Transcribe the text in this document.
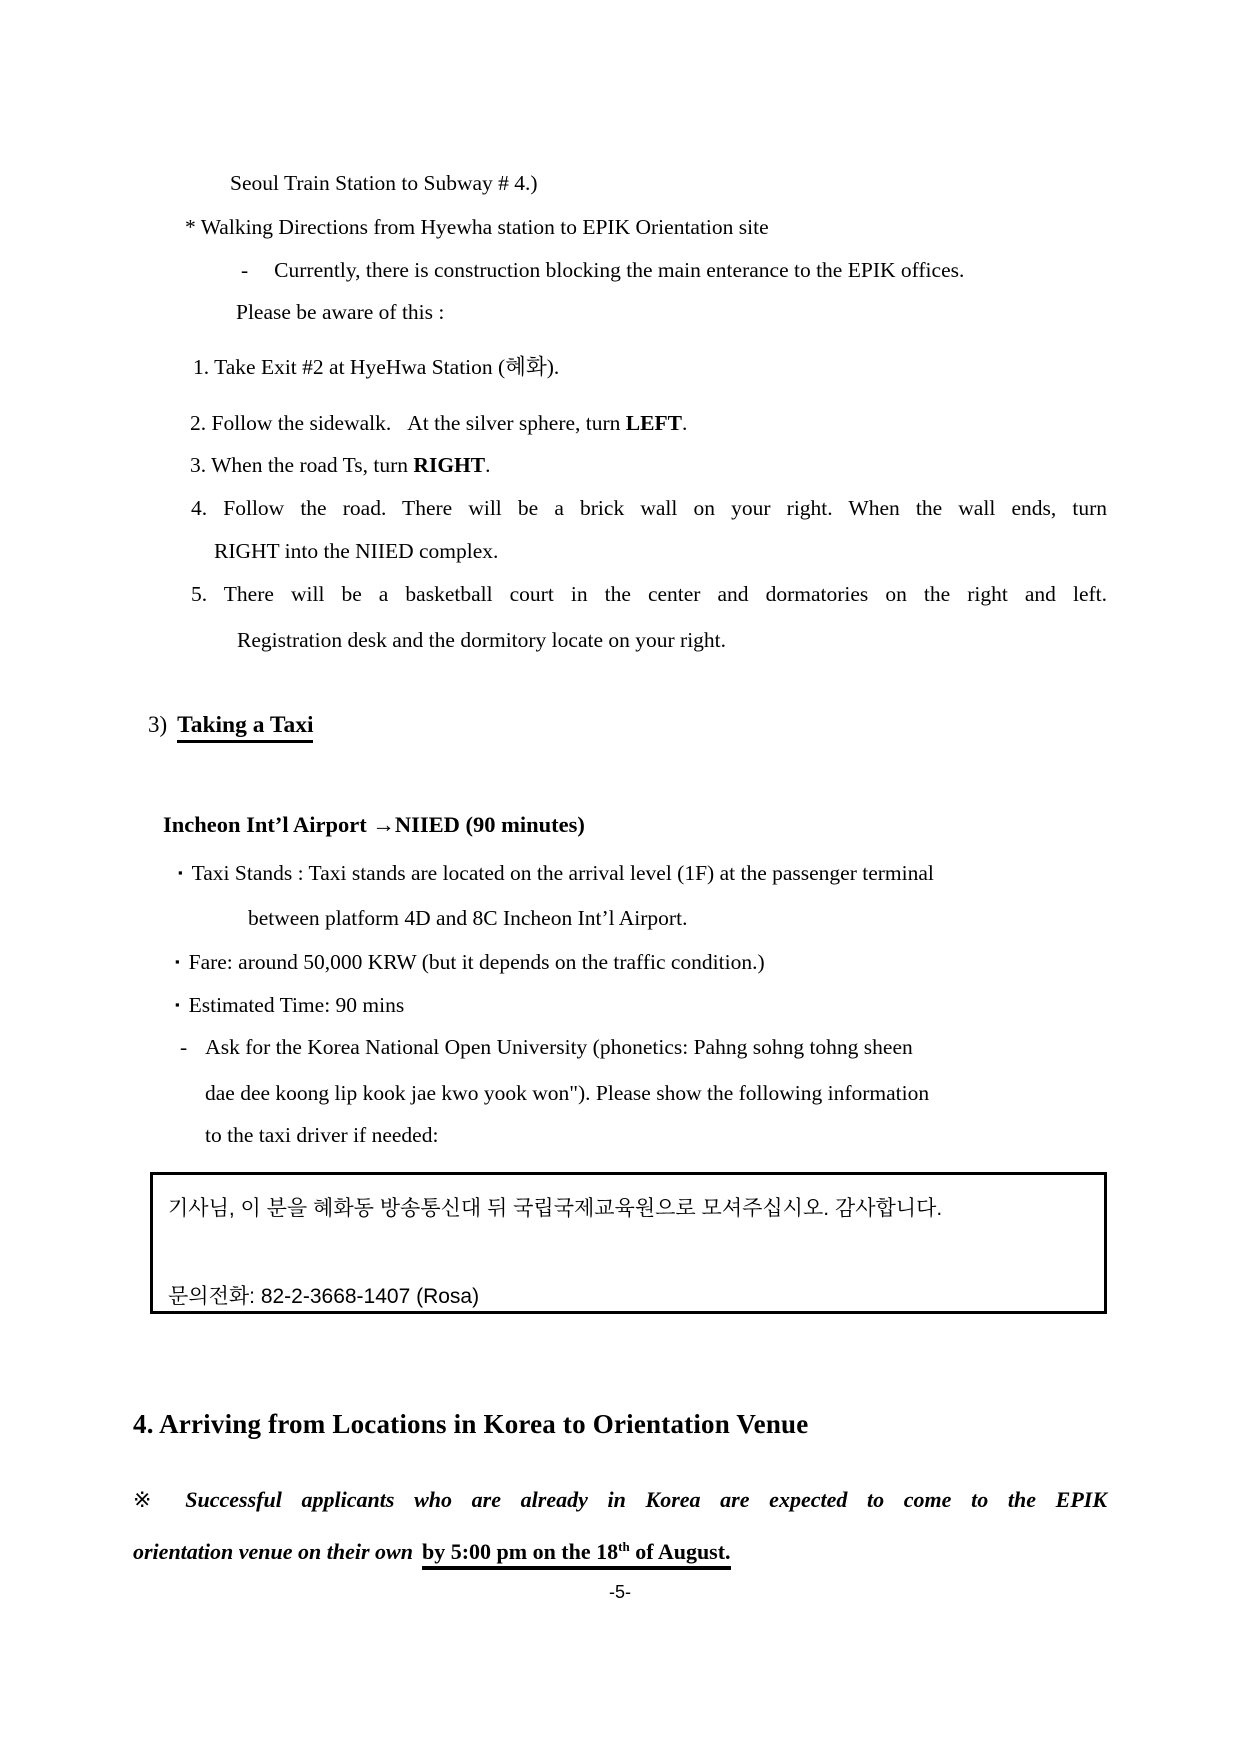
Seoul Train Station to Subway # 4.)
* Walking Directions from Hyewha station to EPIK Orientation site
- Currently, there is construction blocking the main enterance to the EPIK offices.
Please be aware of this :
1. Take Exit #2 at HyeHwa Station (혜화).
2. Follow the sidewalk. At the silver sphere, turn LEFT.
3. When the road Ts, turn RIGHT.
4. Follow the road. There will be a brick wall on your right. When the wall ends, turn
RIGHT into the NIIED complex.
5. There will be a basketball court in the center and dormatories on the right and left.
Registration desk and the dormitory locate on your right.
3) Taking a Taxi
Incheon Int’l Airport →NIIED (90 minutes)
▪ Taxi Stands : Taxi stands are located on the arrival level (1F) at the passenger terminal
between platform 4D and 8C Incheon Int’l Airport.
▪ Fare: around 50,000 KRW (but it depends on the traffic condition.)
▪ Estimated Time: 90 mins
- Ask for the Korea National Open University (phonetics: Pahng sohng tohng sheen
dae dee koong lip kook jae kwo yook won"). Please show the following information
to the taxi driver if needed:
기사님, 이 분을 혜화동 방송통신대 뒤 국립국제교육원으로 모셔주십시오. 감사합니다.
문의전화: 82-2-3668-1407 (Rosa)
4. Arriving from Locations in Korea to Orientation Venue
※ Successful applicants who are already in Korea are expected to come to the EPIK
orientation venue on their own by 5:00 pm on the 18th of August.
-5-
